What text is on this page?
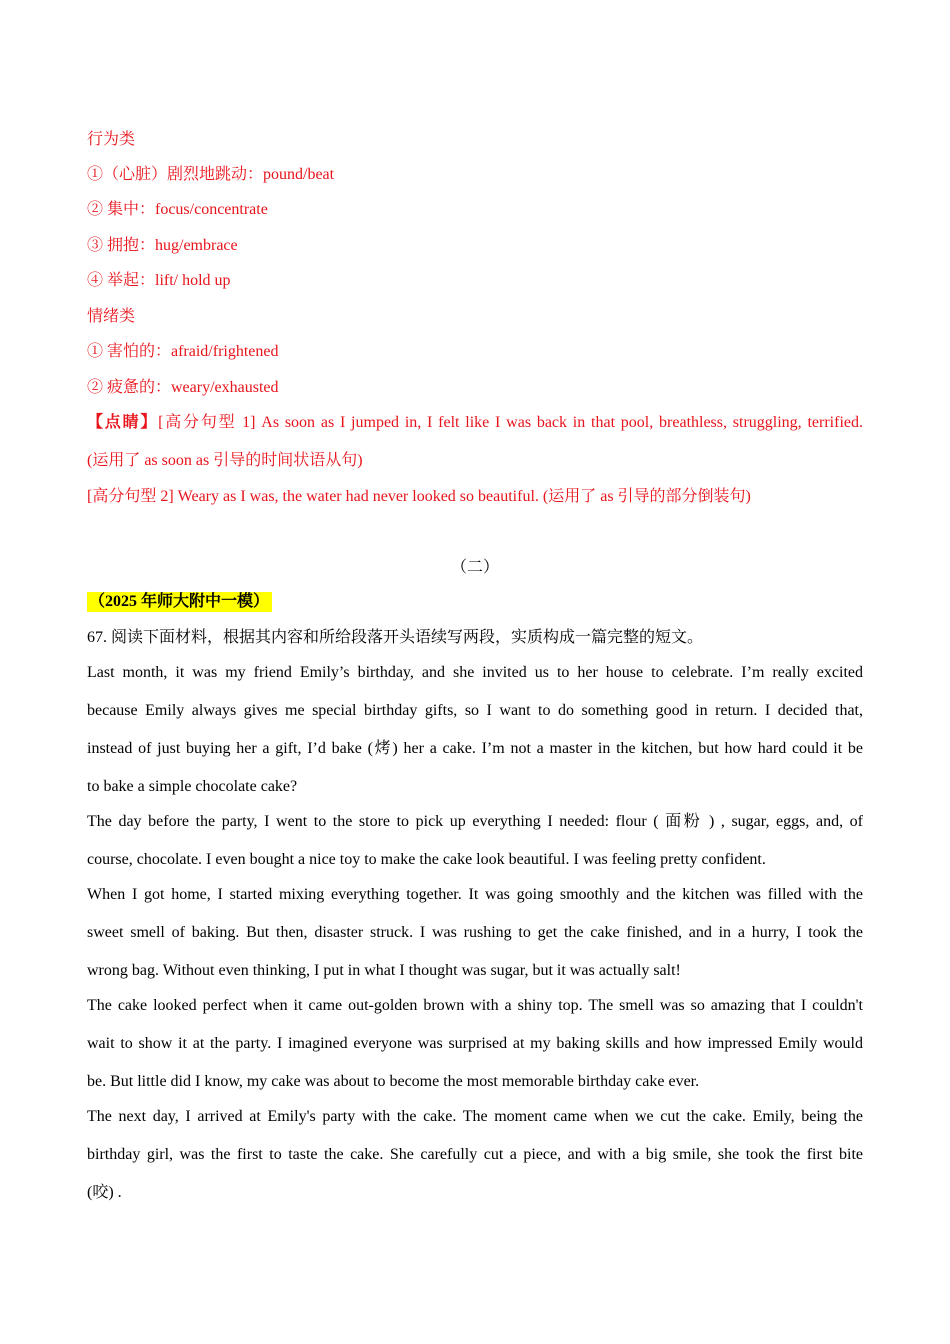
行为类
①（心脏）剧烈地跳动：pound/beat
② 集中：focus/concentrate
③ 拥抱：hug/embrace
④ 举起：lift/ hold up
情绪类
① 害怕的：afraid/frightened
② 疲惫的：weary/exhausted
【点睛】[高分句型 1] As soon as I jumped in, I felt like I was back in that pool, breathless, struggling, terrified.
(运用了 as soon as 引导的时间状语从句)
[高分句型 2] Weary as I was, the water had never looked so beautiful. (运用了 as 引导的部分倒装句)
（二）
（2025 年师大附中一模）
67. 阅读下面材料，根据其内容和所给段落开头语续写两段，实质构成一篇完整的短文。
Last month, it was my friend Emily’s birthday, and she invited us to her house to celebrate. I’m really excited
because Emily always gives me special birthday gifts, so I want to do something good in return. I decided that,
instead of just buying her a gift, I’d bake (烤) her a cake. I’m not a master in the kitchen, but how hard could it be
to bake a simple chocolate cake?
The day before the party, I went to the store to pick up everything I needed: flour ( 面粉 ) , sugar, eggs, and, of
course, chocolate. I even bought a nice toy to make the cake look beautiful. I was feeling pretty confident.
When I got home, I started mixing everything together. It was going smoothly and the kitchen was filled with the
sweet smell of baking. But then, disaster struck. I was rushing to get the cake finished, and in a hurry, I took the
wrong bag. Without even thinking, I put in what I thought was sugar, but it was actually salt!
The cake looked perfect when it came out-golden brown with a shiny top. The smell was so amazing that I couldn't
wait to show it at the party. I imagined everyone was surprised at my baking skills and how impressed Emily would
be. But little did I know, my cake was about to become the most memorable birthday cake ever.
The next day, I arrived at Emily's party with the cake. The moment came when we cut the cake. Emily, being the
birthday girl, was the first to taste the cake. She carefully cut a piece, and with a big smile, she took the first bite
(咬) .
